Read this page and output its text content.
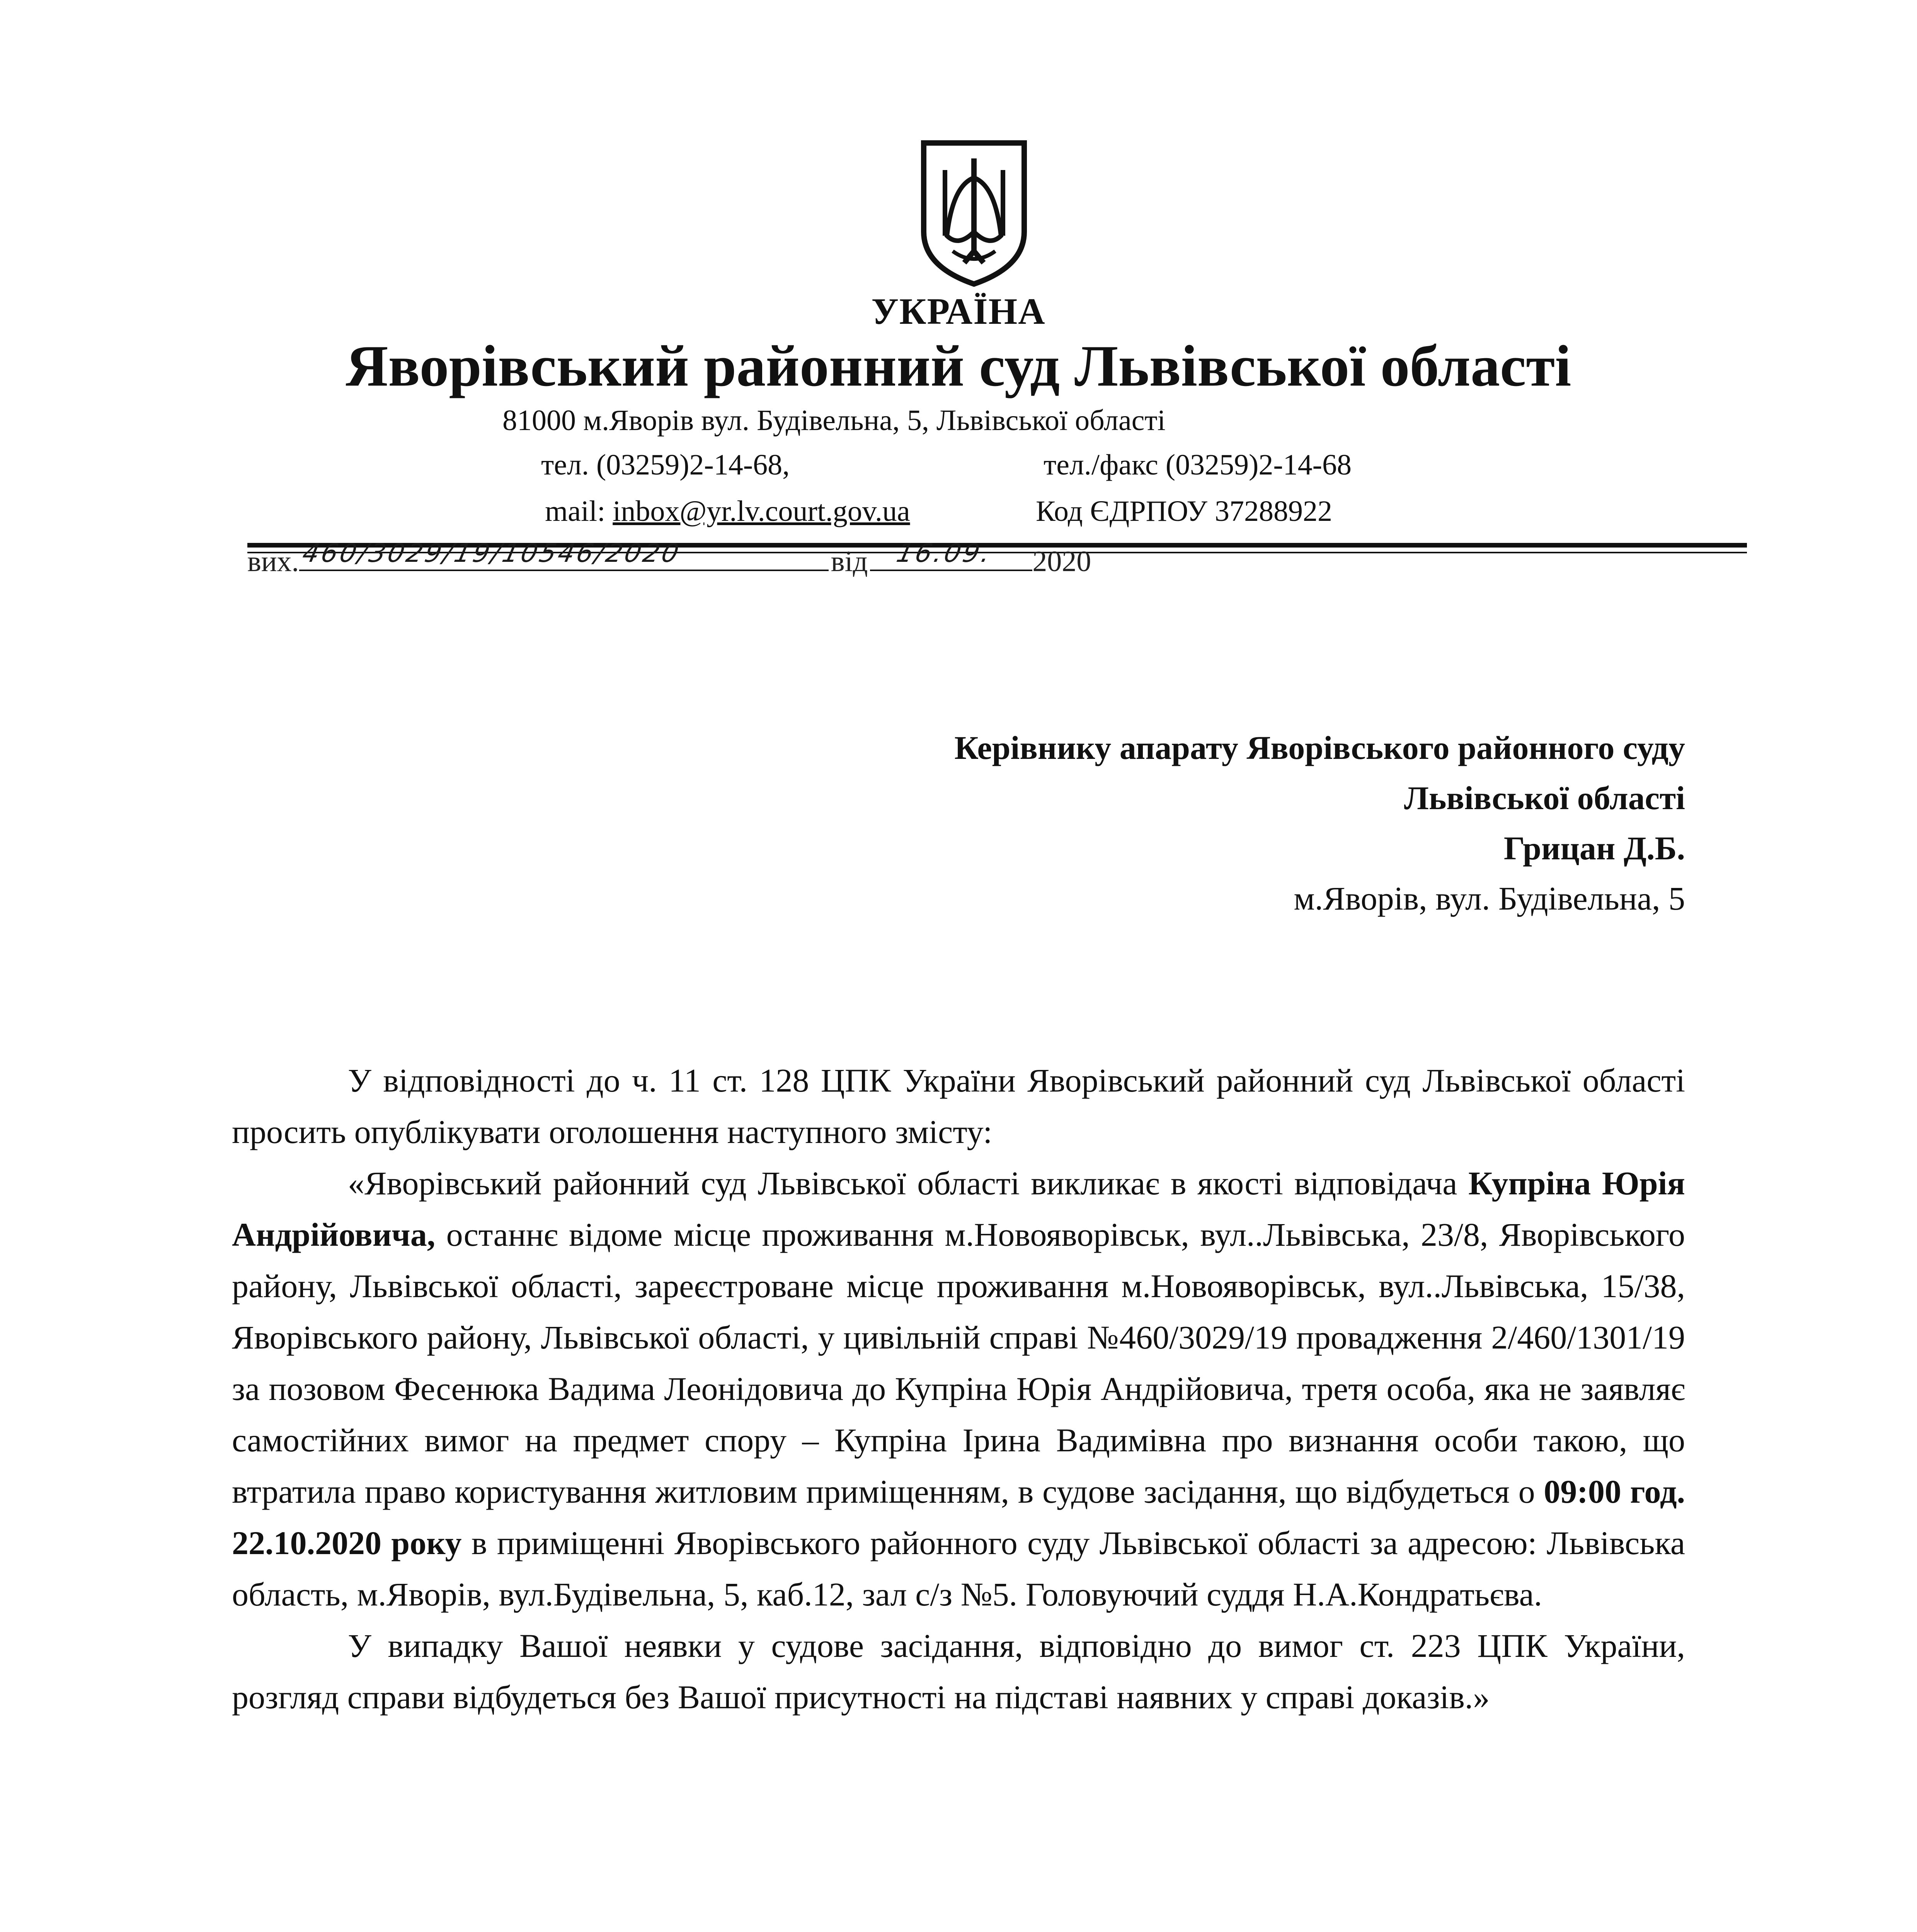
УКРАЇНА
Яворівський районний суд Львівської області
81000 м.Яворів вул. Будівельна, 5, Львівської області
тел. (03259)2-14-68,	тел./факс (03259)2-14-68
mail: inbox@yr.lv.court.gov.ua	Код ЄДРПОУ 37288922
вих. 460/3029/19/10546/2020	від 16.09. 2020
Керівнику апарату Яворівського районного суду
Львівської області
Грицан Д.Б.
м.Яворів, вул. Будівельна, 5

У відповідності до ч. 11 ст. 128 ЦПК України Яворівський районний суд Львівської області просить опублікувати оголошення наступного змісту:

«Яворівський районний суд Львівської області викликає в якості відповідача Купріна Юрія Андрійовича, останнє відоме місце проживання м.Новояворівськ, вул..Львівська, 23/8, Яворівського району, Львівської області, зареєстроване місце проживання м.Новояворівськ, вул..Львівська, 15/38, Яворівського району, Львівської області, у цивільній справі №460/3029/19 провадження 2/460/1301/19 за позовом Фесенюка Вадима Леонідовича до Купріна Юрія Андрійовича, третя особа, яка не заявляє самостійних вимог на предмет спору – Купріна Ірина Вадимівна про визнання особи такою, що втратила право користування житловим приміщенням, в судове засідання, що відбудеться о 09:00 год. 22.10.2020 року в приміщенні Яворівського районного суду Львівської області за адресою: Львівська область, м.Яворів, вул.Будівельна, 5, каб.12, зал с/з №5. Головуючий суддя Н.А.Кондратьєва.

У випадку Вашої неявки у судове засідання, відповідно до вимог ст. 223 ЦПК України, розгляд справи відбудеться без Вашої присутності на підставі наявних у справі доказів.»
